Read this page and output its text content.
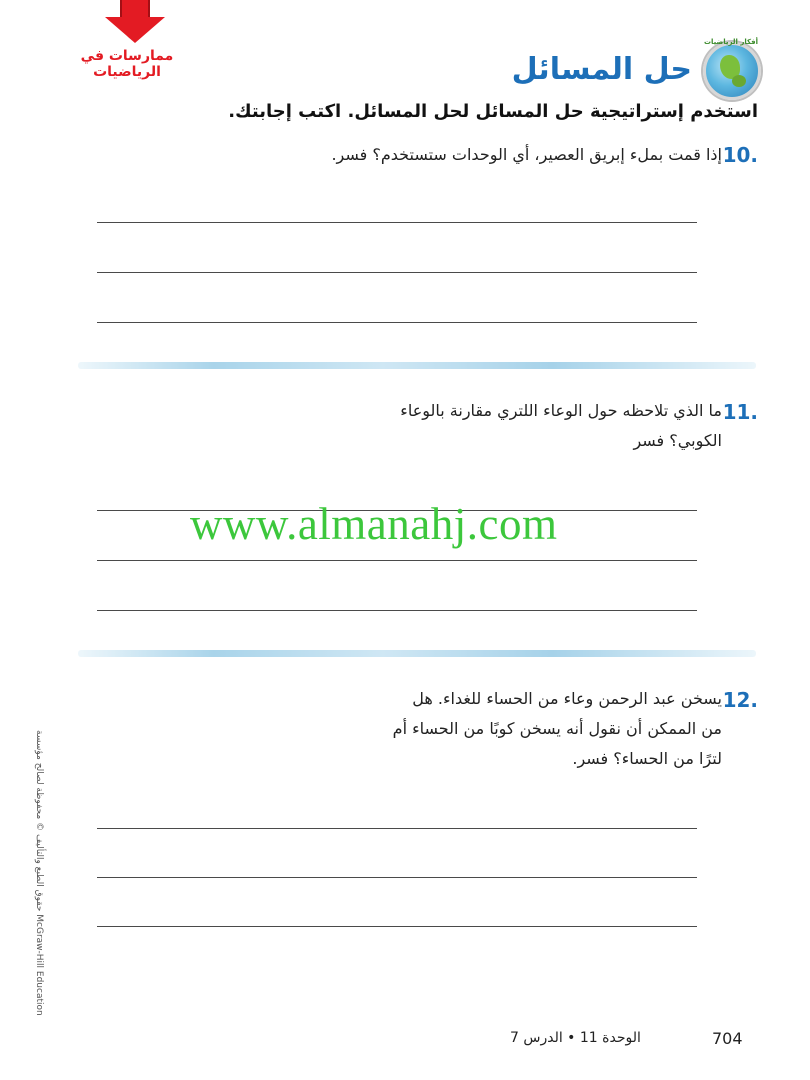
ممارسات في الرياضيات
أفكار الرياضيات
حل المسائل
استخدم إستراتيجية حل المسائل لحل المسائل. اكتب إجابتك.
10.
إذا قمت بملء إبريق العصير، أي الوحدات ستستخدم؟ فسر.
11.
ما الذي تلاحظه حول الوعاء اللتري مقارنة بالوعاء الكوبي؟ فسر
12.
يسخن عبد الرحمن وعاء من الحساء للغداء. هل من الممكن أن نقول أنه يسخن كوبًا من الحساء أم لترًا من الحساء؟ فسر.
www.almanahj.com
حقوق الطبع والتأليف © محفوظة لصالح مؤسسة McGraw-Hill Education
الوحدة 11 • الدرس 7	704
